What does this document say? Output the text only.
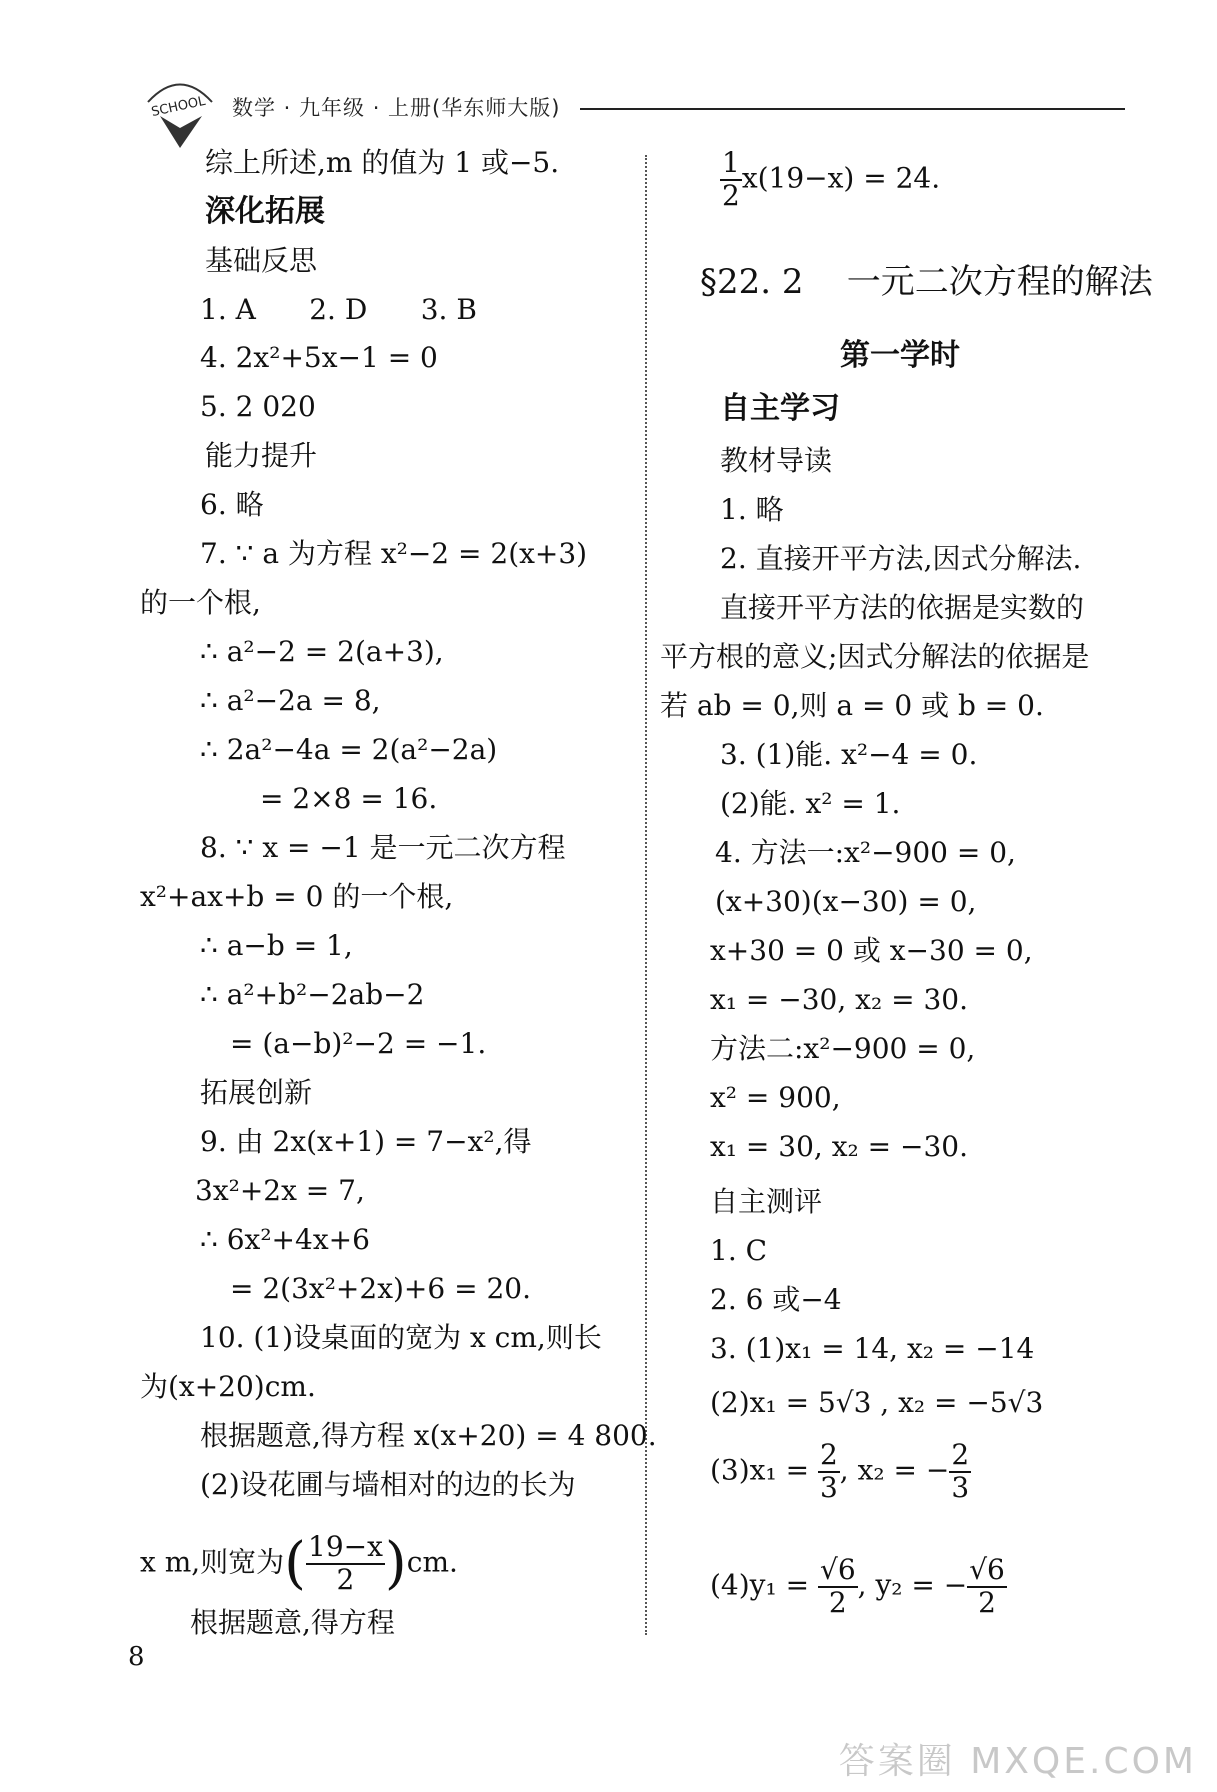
SCHOOL 数学 · 九年级 · 上册(华东师大版)
综上所述,m 的值为 1 或−5.
深化拓展
基础反思
1. A      2. D      3. B
4. 2x²+5x−1 = 0
5. 2 020
能力提升
6. 略
7. ∵ a 为方程 x²−2 = 2(x+3)
的一个根,
∴ a²−2 = 2(a+3),
∴ a²−2a = 8,
∴ 2a²−4a = 2(a²−2a)
= 2×8 = 16.
8. ∵ x = −1 是一元二次方程
x²+ax+b = 0 的一个根,
∴ a−b = 1,
∴ a²+b²−2ab−2
= (a−b)²−2 = −1.
拓展创新
9. 由 2x(x+1) = 7−x²,得
3x²+2x = 7,
∴ 6x²+4x+6
= 2(3x²+2x)+6 = 20.
10. (1)设桌面的宽为 x cm,则长
为(x+20)cm.
根据题意,得方程 x(x+20) = 4 800.
(2)设花圃与墙相对的边的长为
x m,则宽为( $\frac{19-x}{2} )cm$.
根据题意,得方程
$\frac{1}{2} x(19-x) = 24$.
§22. 2    一元二次方程的解法
第一学时
自主学习
教材导读
1. 略
2. 直接开平方法,因式分解法.
直接开平方法的依据是实数的
平方根的意义;因式分解法的依据是
若 ab = 0,则 a = 0 或 b = 0.
3. (1)能. x²−4 = 0.
(2)能. x² = 1.
4. 方法一:x²−900 = 0,
(x+30)(x−30) = 0,
x+30 = 0 或 x−30 = 0,
x₁ = −30, x₂ = 30.
方法二:x²−900 = 0,
x² = 900,
x₁ = 30, x₂ = −30.
自主测评
1. C
2. 6 或−4
3. (1)x₁ = 14, x₂ = −14
(2)x₁ = 5√3 , x₂ = −5√3
$(3)x_1 = \frac{2}{3}$ , x₂ = − $\frac{2}{3}$
$(4)y_1 = \frac{√6}{2}$ , y₂ = − $\frac{√6}{2}$
8
答案圈 MXQE.COM
